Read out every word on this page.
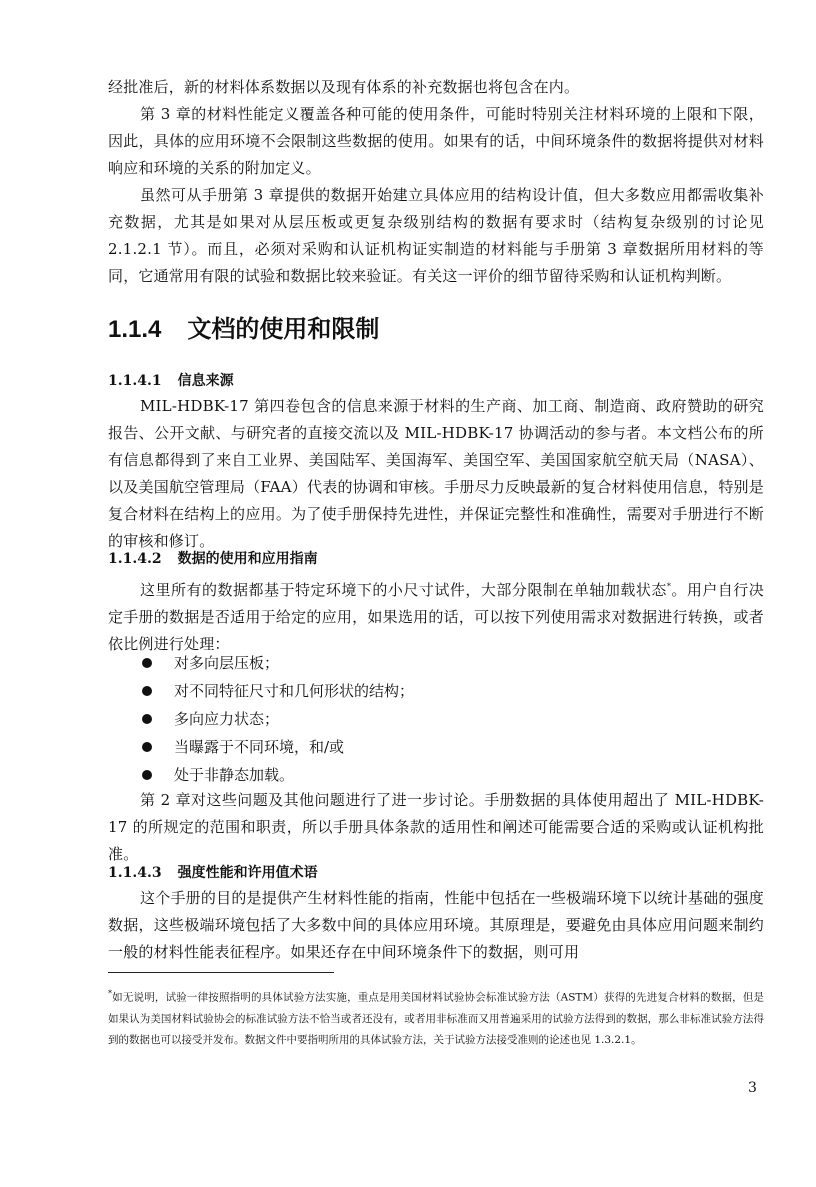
经批准后，新的材料体系数据以及现有体系的补充数据也将包含在内。

第 3 章的材料性能定义覆盖各种可能的使用条件，可能时特别关注材料环境的上限和下限，因此，具体的应用环境不会限制这些数据的使用。如果有的话，中间环境条件的数据将提供对材料响应和环境的关系的附加定义。

虽然可从手册第 3 章提供的数据开始建立具体应用的结构设计值，但大多数应用都需收集补充数据，尤其是如果对从层压板或更复杂级别结构的数据有要求时（结构复杂级别的讨论见 2.1.2.1 节）。而且，必须对采购和认证机构证实制造的材料能与手册第 3 章数据所用材料的等同，它通常用有限的试验和数据比较来验证。有关这一评价的细节留待采购和认证机构判断。

1.1.4 文档的使用和限制
1.1.4.1 信息来源

MIL-HDBK-17 第四卷包含的信息来源于材料的生产商、加工商、制造商、政府赞助的研究报告、公开文献、与研究者的直接交流以及 MIL-HDBK-17 协调活动的参与者。本文档公布的所有信息都得到了来自工业界、美国陆军、美国海军、美国空军、美国国家航空航天局（NASA）、以及美国航空管理局（FAA）代表的协调和审核。手册尽力反映最新的复合材料使用信息，特别是复合材料在结构上的应用。为了使手册保持先进性，并保证完整性和准确性，需要对手册进行不断的审核和修订。

1.1.4.2 数据的使用和应用指南

这里所有的数据都基于特定环境下的小尺寸试件，大部分限制在单轴加载状态*。用户自行决定手册的数据是否适用于给定的应用，如果选用的话，可以按下列使用需求对数据进行转换，或者依比例进行处理：

对多向层压板；
对不同特征尺寸和几何形状的结构；
多向应力状态；
当曝露于不同环境，和/或
处于非静态加载。

第 2 章对这些问题及其他问题进行了进一步讨论。手册数据的具体使用超出了 MIL-HDBK-17 的所规定的范围和职责，所以手册具体条款的适用性和阐述可能需要合适的采购或认证机构批准。

1.1.4.3 强度性能和许用值术语

这个手册的目的是提供产生材料性能的指南，性能中包括在一些极端环境下以统计基础的强度数据，这些极端环境包括了大多数中间的具体应用环境。其原理是，要避免由具体应用问题来制约一般的材料性能表征程序。如果还存在中间环境条件下的数据，则可用

*如无说明，试验一律按照指明的具体试验方法实施，重点是用美国材料试验协会标准试验方法（ASTM）获得的先进复合材料的数据，但是如果认为美国材料试验协会的标准试验方法不恰当或者还没有，或者用非标准而又用普遍采用的试验方法得到的数据，那么非标准试验方法得到的数据也可以接受并发布。数据文件中要指明所用的具体试验方法，关于试验方法接受准则的论述也见 1.3.2.1。

3
